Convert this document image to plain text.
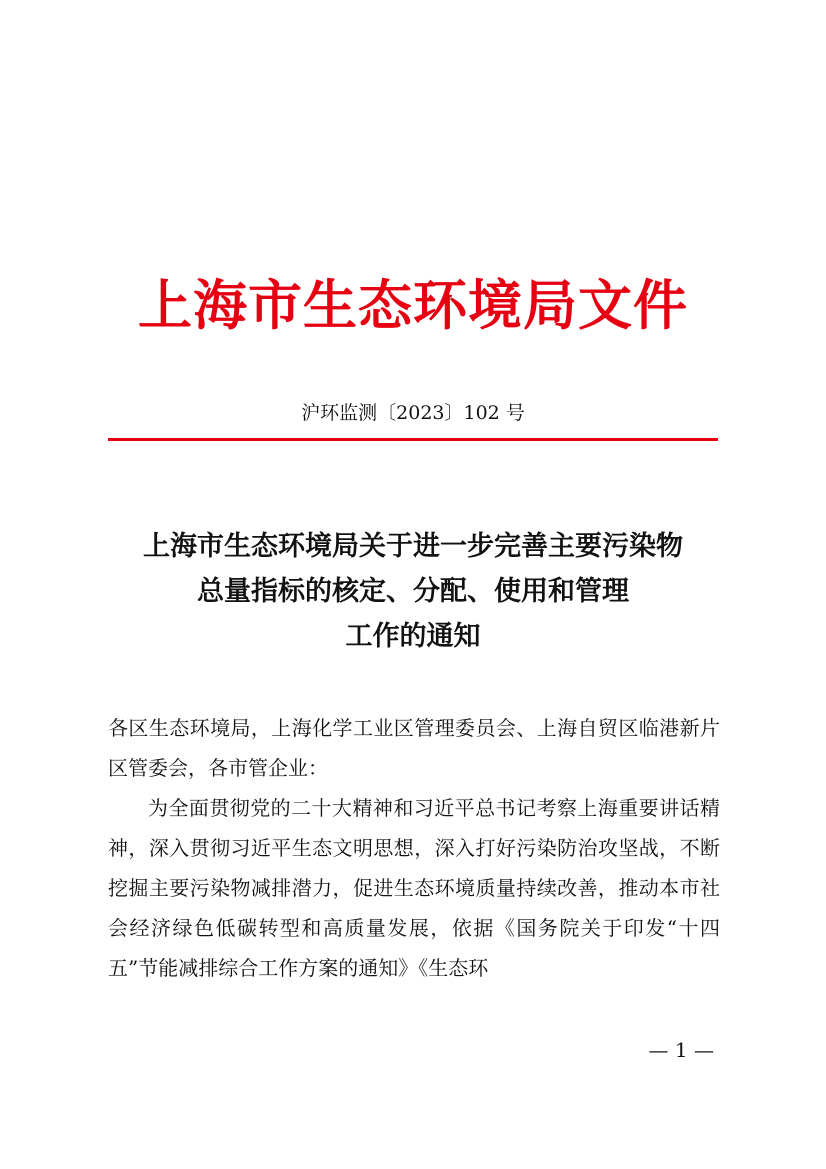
上海市生态环境局文件
沪环监测〔2023〕102 号
上海市生态环境局关于进一步完善主要污染物
总量指标的核定、分配、使用和管理
工作的通知

各区生态环境局，上海化学工业区管理委员会、上海自贸区临港新片区管委会，各市管企业：

为全面贯彻党的二十大精神和习近平总书记考察上海重要讲话精神，深入贯彻习近平生态文明思想，深入打好污染防治攻坚战，不断挖掘主要污染物减排潜力，促进生态环境质量持续改善，推动本市社会经济绿色低碳转型和高质量发展，依据《国务院关于印发“十四五”节能减排综合工作方案的通知》《生态环

— 1 —
